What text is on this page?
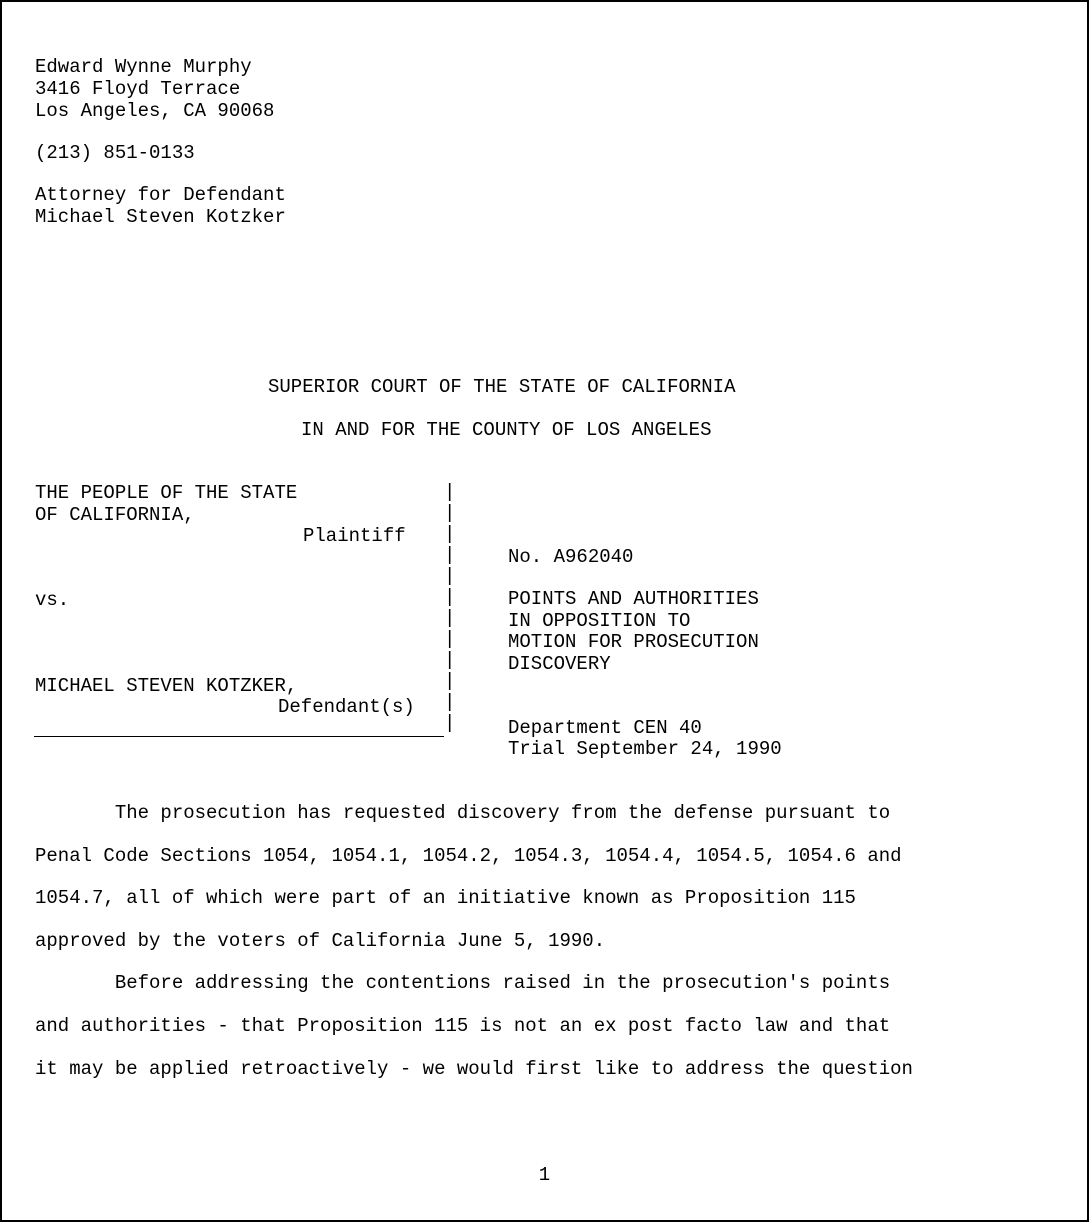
Edward Wynne Murphy
3416 Floyd Terrace
Los Angeles, CA 90068
(213) 851-0133
Attorney for Defendant
Michael Steven Kotzker
SUPERIOR COURT OF THE STATE OF CALIFORNIA
IN AND FOR THE COUNTY OF LOS ANGELES
THE PEOPLE OF THE STATE
OF CALIFORNIA,
Plaintiff
vs.
MICHAEL STEVEN KOTZKER,
Defendant(s)
|
|
|
|
|
|
|
|
|
|
|
|
No. A962040
POINTS AND AUTHORITIES
IN OPPOSITION TO
MOTION FOR PROSECUTION
DISCOVERY
Department CEN 40
Trial September 24, 1990
The prosecution has requested discovery from the defense pursuant to
Penal Code Sections 1054, 1054.1, 1054.2, 1054.3, 1054.4, 1054.5, 1054.6 and
1054.7, all of which were part of an initiative known as Proposition 115
approved by the voters of California June 5, 1990.
Before addressing the contentions raised in the prosecution's points
and authorities - that Proposition 115 is not an ex post facto law and that
it may be applied retroactively - we would first like to address the question
1
